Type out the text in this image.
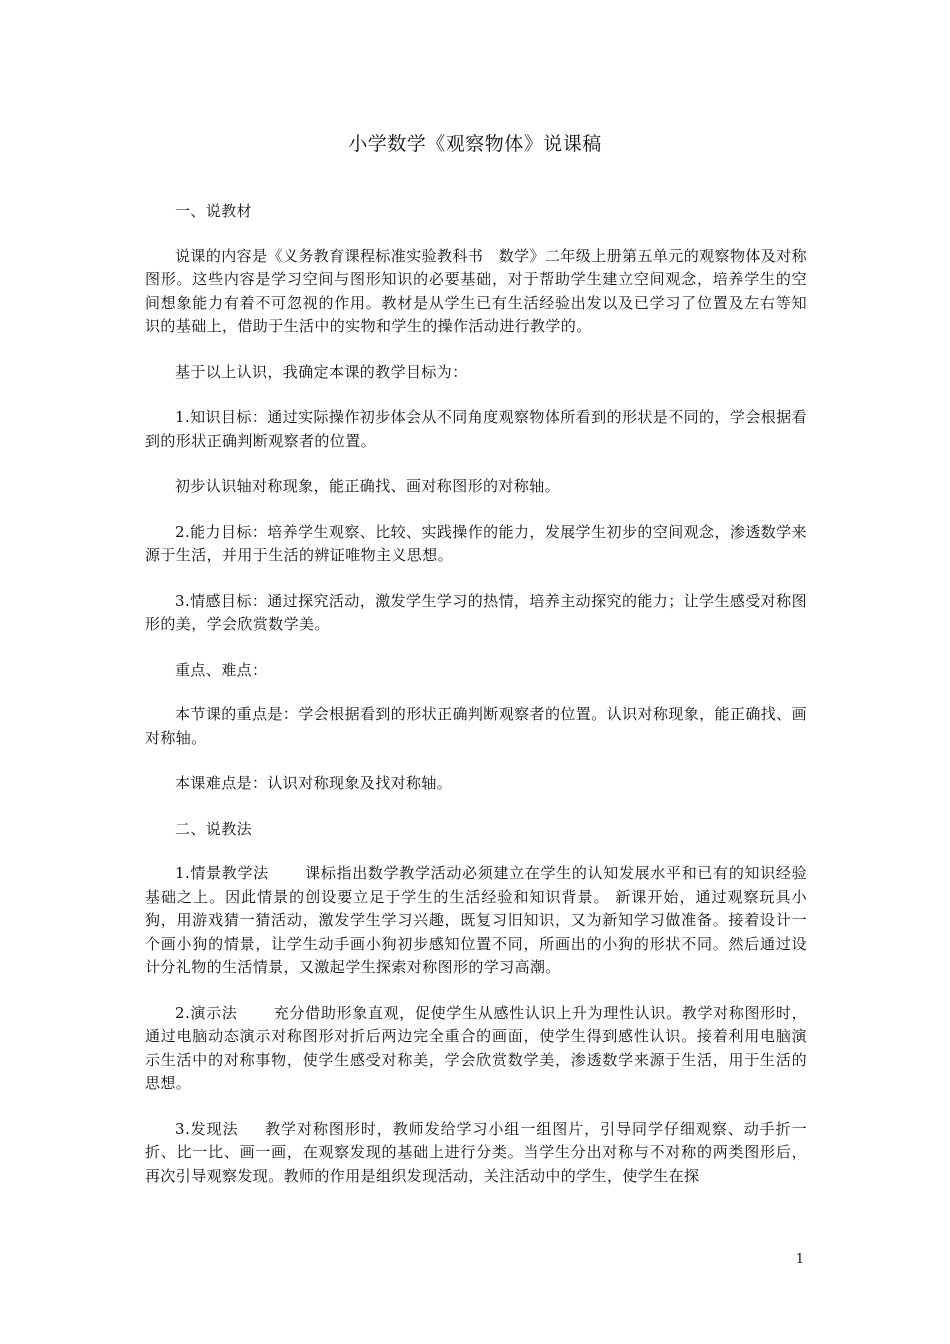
小学数学《观察物体》说课稿

一、说教材

说课的内容是《义务教育课程标准实验教科书　数学》二年级上册第五单元的观察物体及对称图形。这些内容是学习空间与图形知识的必要基础，对于帮助学生建立空间观念，培养学生的空间想象能力有着不可忽视的作用。教材是从学生已有生活经验出发以及已学习了位置及左右等知识的基础上，借助于生活中的实物和学生的操作活动进行教学的。

基于以上认识，我确定本课的教学目标为：

1.知识目标：通过实际操作初步体会从不同角度观察物体所看到的形状是不同的，学会根据看到的形状正确判断观察者的位置。

初步认识轴对称现象，能正确找、画对称图形的对称轴。

2.能力目标：培养学生观察、比较、实践操作的能力，发展学生初步的空间观念，渗透数学来源于生活，并用于生活的辨证唯物主义思想。

3.情感目标：通过探究活动，激发学生学习的热情，培养主动探究的能力；让学生感受对称图形的美，学会欣赏数学美。

重点、难点：

本节课的重点是：学会根据看到的形状正确判断观察者的位置。认识对称现象，能正确找、画对称轴。

本课难点是：认识对称现象及找对称轴。

二、说教法

1.情景教学法 课标指出数学教学活动必须建立在学生的认知发展水平和已有的知识经验基础之上。因此情景的创设要立足于学生的生活经验和知识背景。 新课开始，通过观察玩具小狗，用游戏猜一猜活动，激发学生学习兴趣，既复习旧知识，又为新知学习做准备。接着设计一个画小狗的情景，让学生动手画小狗初步感知位置不同，所画出的小狗的形状不同。然后通过设计分礼物的生活情景，又激起学生探索对称图形的学习高潮。

2.演示法 充分借助形象直观，促使学生从感性认识上升为理性认识。教学对称图形时，通过电脑动态演示对称图形对折后两边完全重合的画面，使学生得到感性认识。接着利用电脑演示生活中的对称事物，使学生感受对称美，学会欣赏数学美，渗透数学来源于生活，用于生活的思想。

3.发现法 教学对称图形时，教师发给学习小组一组图片，引导同学仔细观察、动手折一折、比一比、画一画，在观察发现的基础上进行分类。当学生分出对称与不对称的两类图形后，再次引导观察发现。教师的作用是组织发现活动，关注活动中的学生，使学生在探

1
